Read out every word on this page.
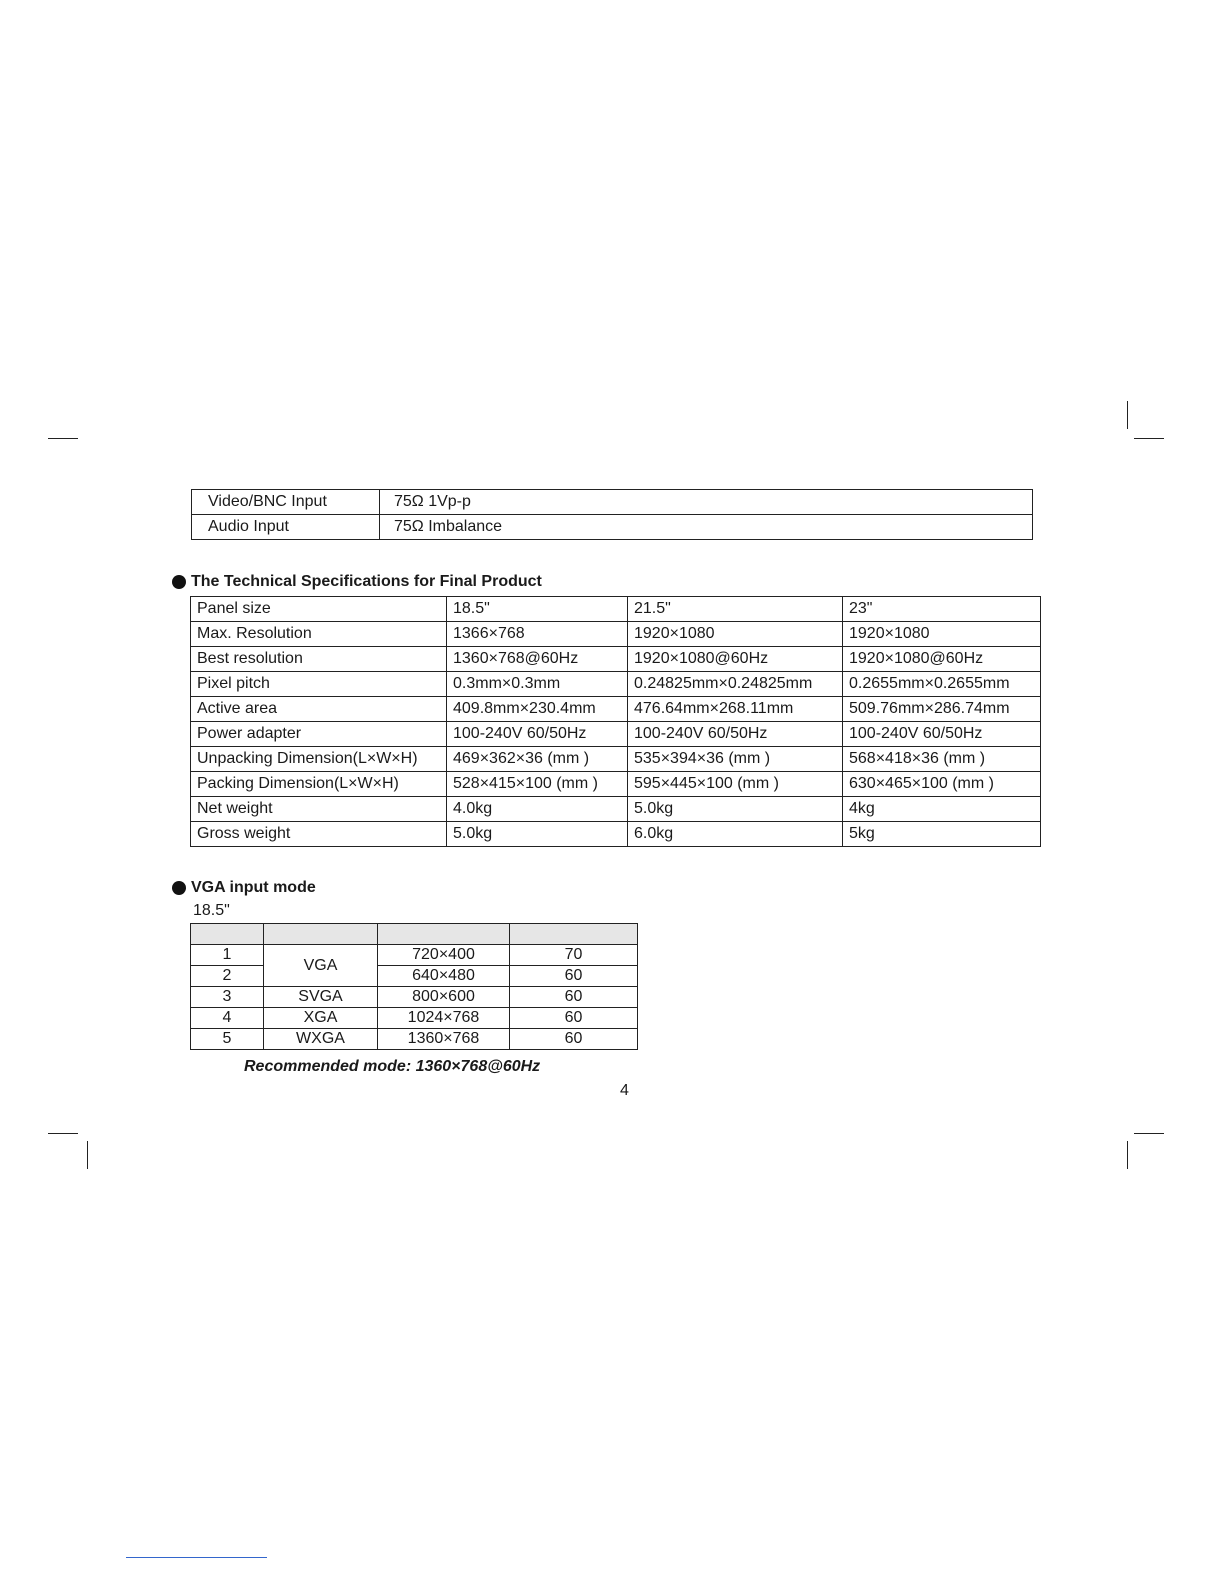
Video/BNC Input	75Ω 1Vp-p
Audio Input	75Ω Imbalance
The Technical Specifications for Final Product
Panel size	18.5"	21.5"	23"
Max. Resolution	1366×768	1920×1080	1920×1080
Best resolution	1360×768@60Hz	1920×1080@60Hz	1920×1080@60Hz
Pixel pitch	0.3mm×0.3mm	0.24825mm×0.24825mm	0.2655mm×0.2655mm
Active area	409.8mm×230.4mm	476.64mm×268.11mm	509.76mm×286.74mm
Power adapter	100-240V 60/50Hz	100-240V 60/50Hz	100-240V 60/50Hz
Unpacking Dimension(L×W×H)	469×362×36 (mm )	535×394×36 (mm )	568×418×36 (mm )
Packing Dimension(L×W×H)	528×415×100 (mm )	595×445×100 (mm )	630×465×100 (mm )
Net weight	4.0kg	5.0kg	4kg
Gross weight	5.0kg	6.0kg	5kg
VGA input mode
18.5"

1	VGA	720×400	70
2		640×480	60
3	SVGA	800×600	60
4	XGA	1024×768	60
5	WXGA	1360×768	60
Recommended mode: 1360×768@60Hz
4
